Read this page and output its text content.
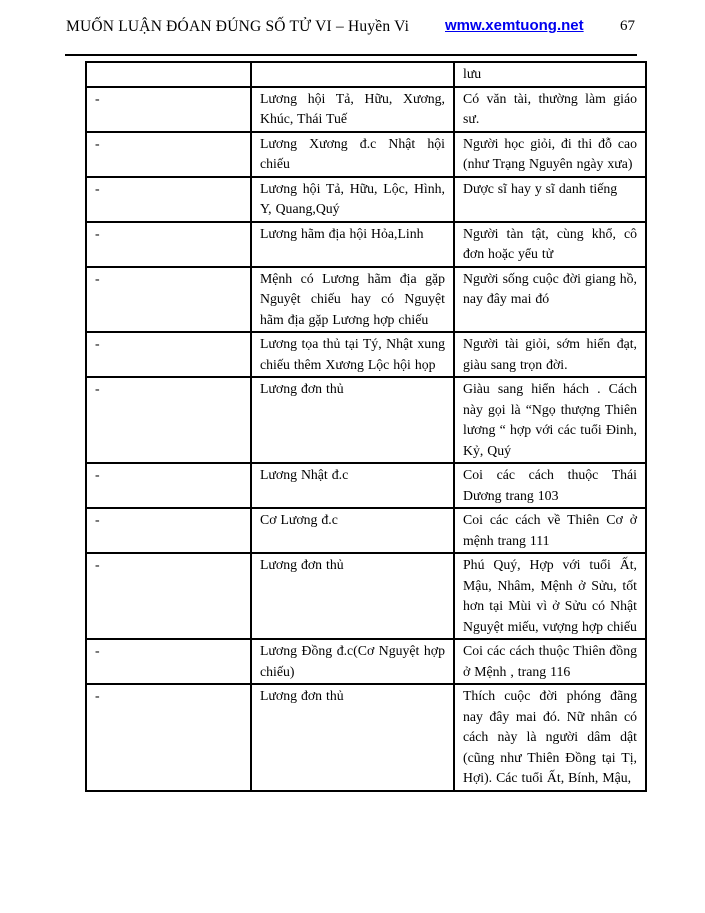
MUỐN LUẬN ĐÓAN ĐÚNG SỐ TỬ VI – Huyền Vi wmw.xemtuong.net 67
		lưu
-	Lương hội Tả, Hữu, Xương, Khúc, Thái Tuế	Có văn tài, thường làm giáo sư.
-	Lương Xương đ.c Nhật hội chiếu	Người học giỏi, đi thi đỗ cao (như Trạng Nguyên ngày xưa)
-	Lương hội Tả, Hữu, Lộc, Hình, Y, Quang,Quý	Dược sĩ hay y sĩ danh tiếng
-	Lương hãm địa hội Hỏa,Linh	Người tàn tật, cùng khổ, cô đơn hoặc yểu tử
-	Mệnh có Lương hãm địa gặp Nguyệt chiếu hay có Nguyệt hãm địa gặp Lương hợp chiếu	Người sống cuộc đời giang hồ, nay đây mai đó
-	Lương tọa thủ tại Tý, Nhật xung chiếu thêm Xương Lộc hội họp	Người tài giỏi, sớm hiển đạt, giàu sang trọn đời.
-	Lương đơn thủ	Giàu sang hiển hách . Cách này gọi là “Ngọ thượng Thiên lương “ hợp với các tuổi Đinh, Kỷ, Quý
-	Lương Nhật đ.c	Coi các cách thuộc Thái Dương trang 103
-	Cơ Lương đ.c	Coi các cách về Thiên Cơ ở mệnh trang 111
-	Lương đơn thủ	Phú Quý, Hợp với tuổi Ất, Mậu, Nhâm, Mệnh ở Sửu, tốt hơn tại Mùi vì ở Sửu có Nhật Nguyệt miếu, vượng hợp chiếu
-	Lương Đồng đ.c(Cơ Nguyệt hợp chiếu)	Coi các cách thuộc Thiên đồng ở Mệnh , trang 116
-	Lương đơn thủ	Thích cuộc đời phóng đãng nay đây mai đó. Nữ nhân có cách này là người dâm dật (cũng như Thiên Đồng tại Tị, Hợi). Các tuổi Ất, Bính, Mậu,
